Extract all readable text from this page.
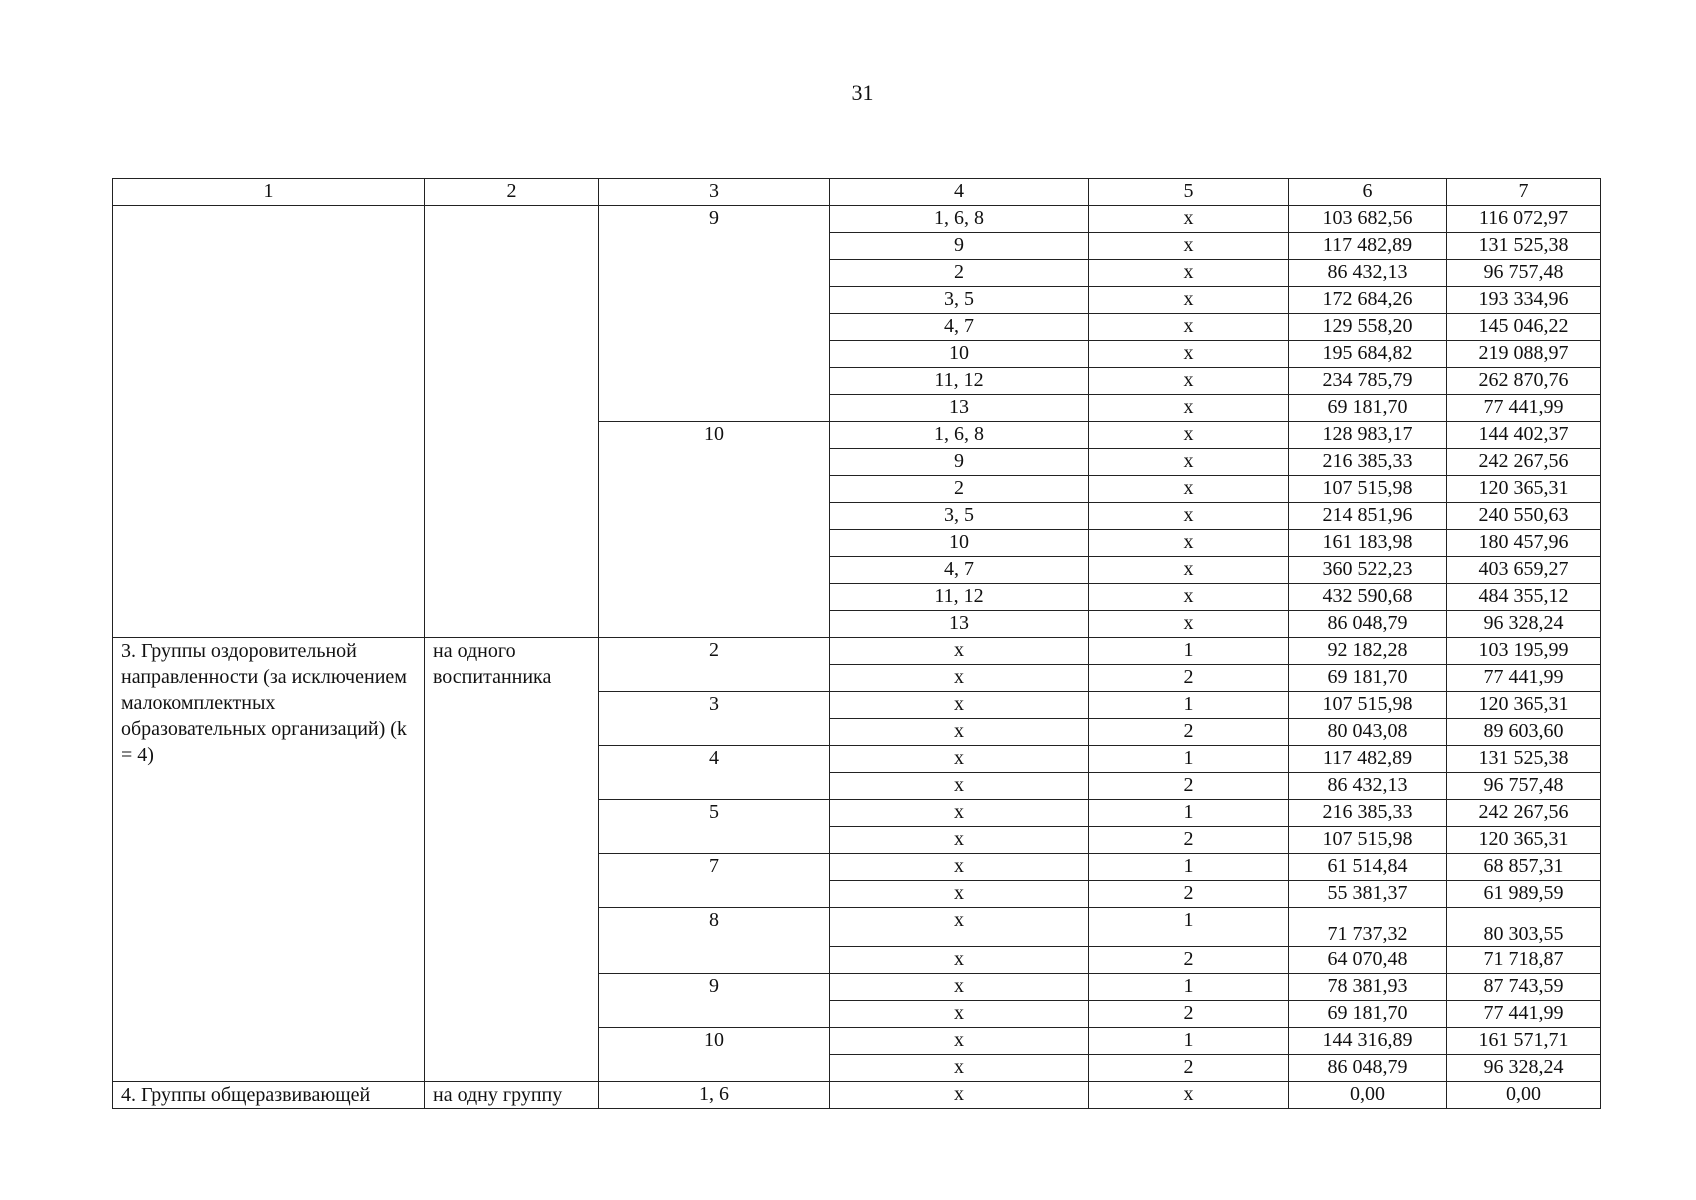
31
1	2	3	4	5	6	7
		9	1, 6, 8	х	103 682,56	116 072,97
			9	х	117 482,89	131 525,38
			2	х	86 432,13	96 757,48
			3, 5	х	172 684,26	193 334,96
			4, 7	х	129 558,20	145 046,22
			10	х	195 684,82	219 088,97
			11, 12	х	234 785,79	262 870,76
			13	х	69 181,70	77 441,99
		10	1, 6, 8	х	128 983,17	144 402,37
			9	х	216 385,33	242 267,56
			2	х	107 515,98	120 365,31
			3, 5	х	214 851,96	240 550,63
			10	х	161 183,98	180 457,96
			4, 7	х	360 522,23	403 659,27
			11, 12	х	432 590,68	484 355,12
			13	х	86 048,79	96 328,24
3. Группы оздоровительной направленности (за исключением малокомплектных образовательных организаций) (k = 4)	на одного воспитанника	2	х	1	92 182,28	103 195,99
			х	2	69 181,70	77 441,99
		3	х	1	107 515,98	120 365,31
			х	2	80 043,08	89 603,60
		4	х	1	117 482,89	131 525,38
			х	2	86 432,13	96 757,48
		5	х	1	216 385,33	242 267,56
			х	2	107 515,98	120 365,31
		7	х	1	61 514,84	68 857,31
			х	2	55 381,37	61 989,59
		8	х	1	71 737,32	80 303,55
			х	2	64 070,48	71 718,87
		9	х	1	78 381,93	87 743,59
			х	2	69 181,70	77 441,99
		10	х	1	144 316,89	161 571,71
			х	2	86 048,79	96 328,24
4. Группы общеразвивающей	на одну группу	1, 6	х	х	0,00	0,00
